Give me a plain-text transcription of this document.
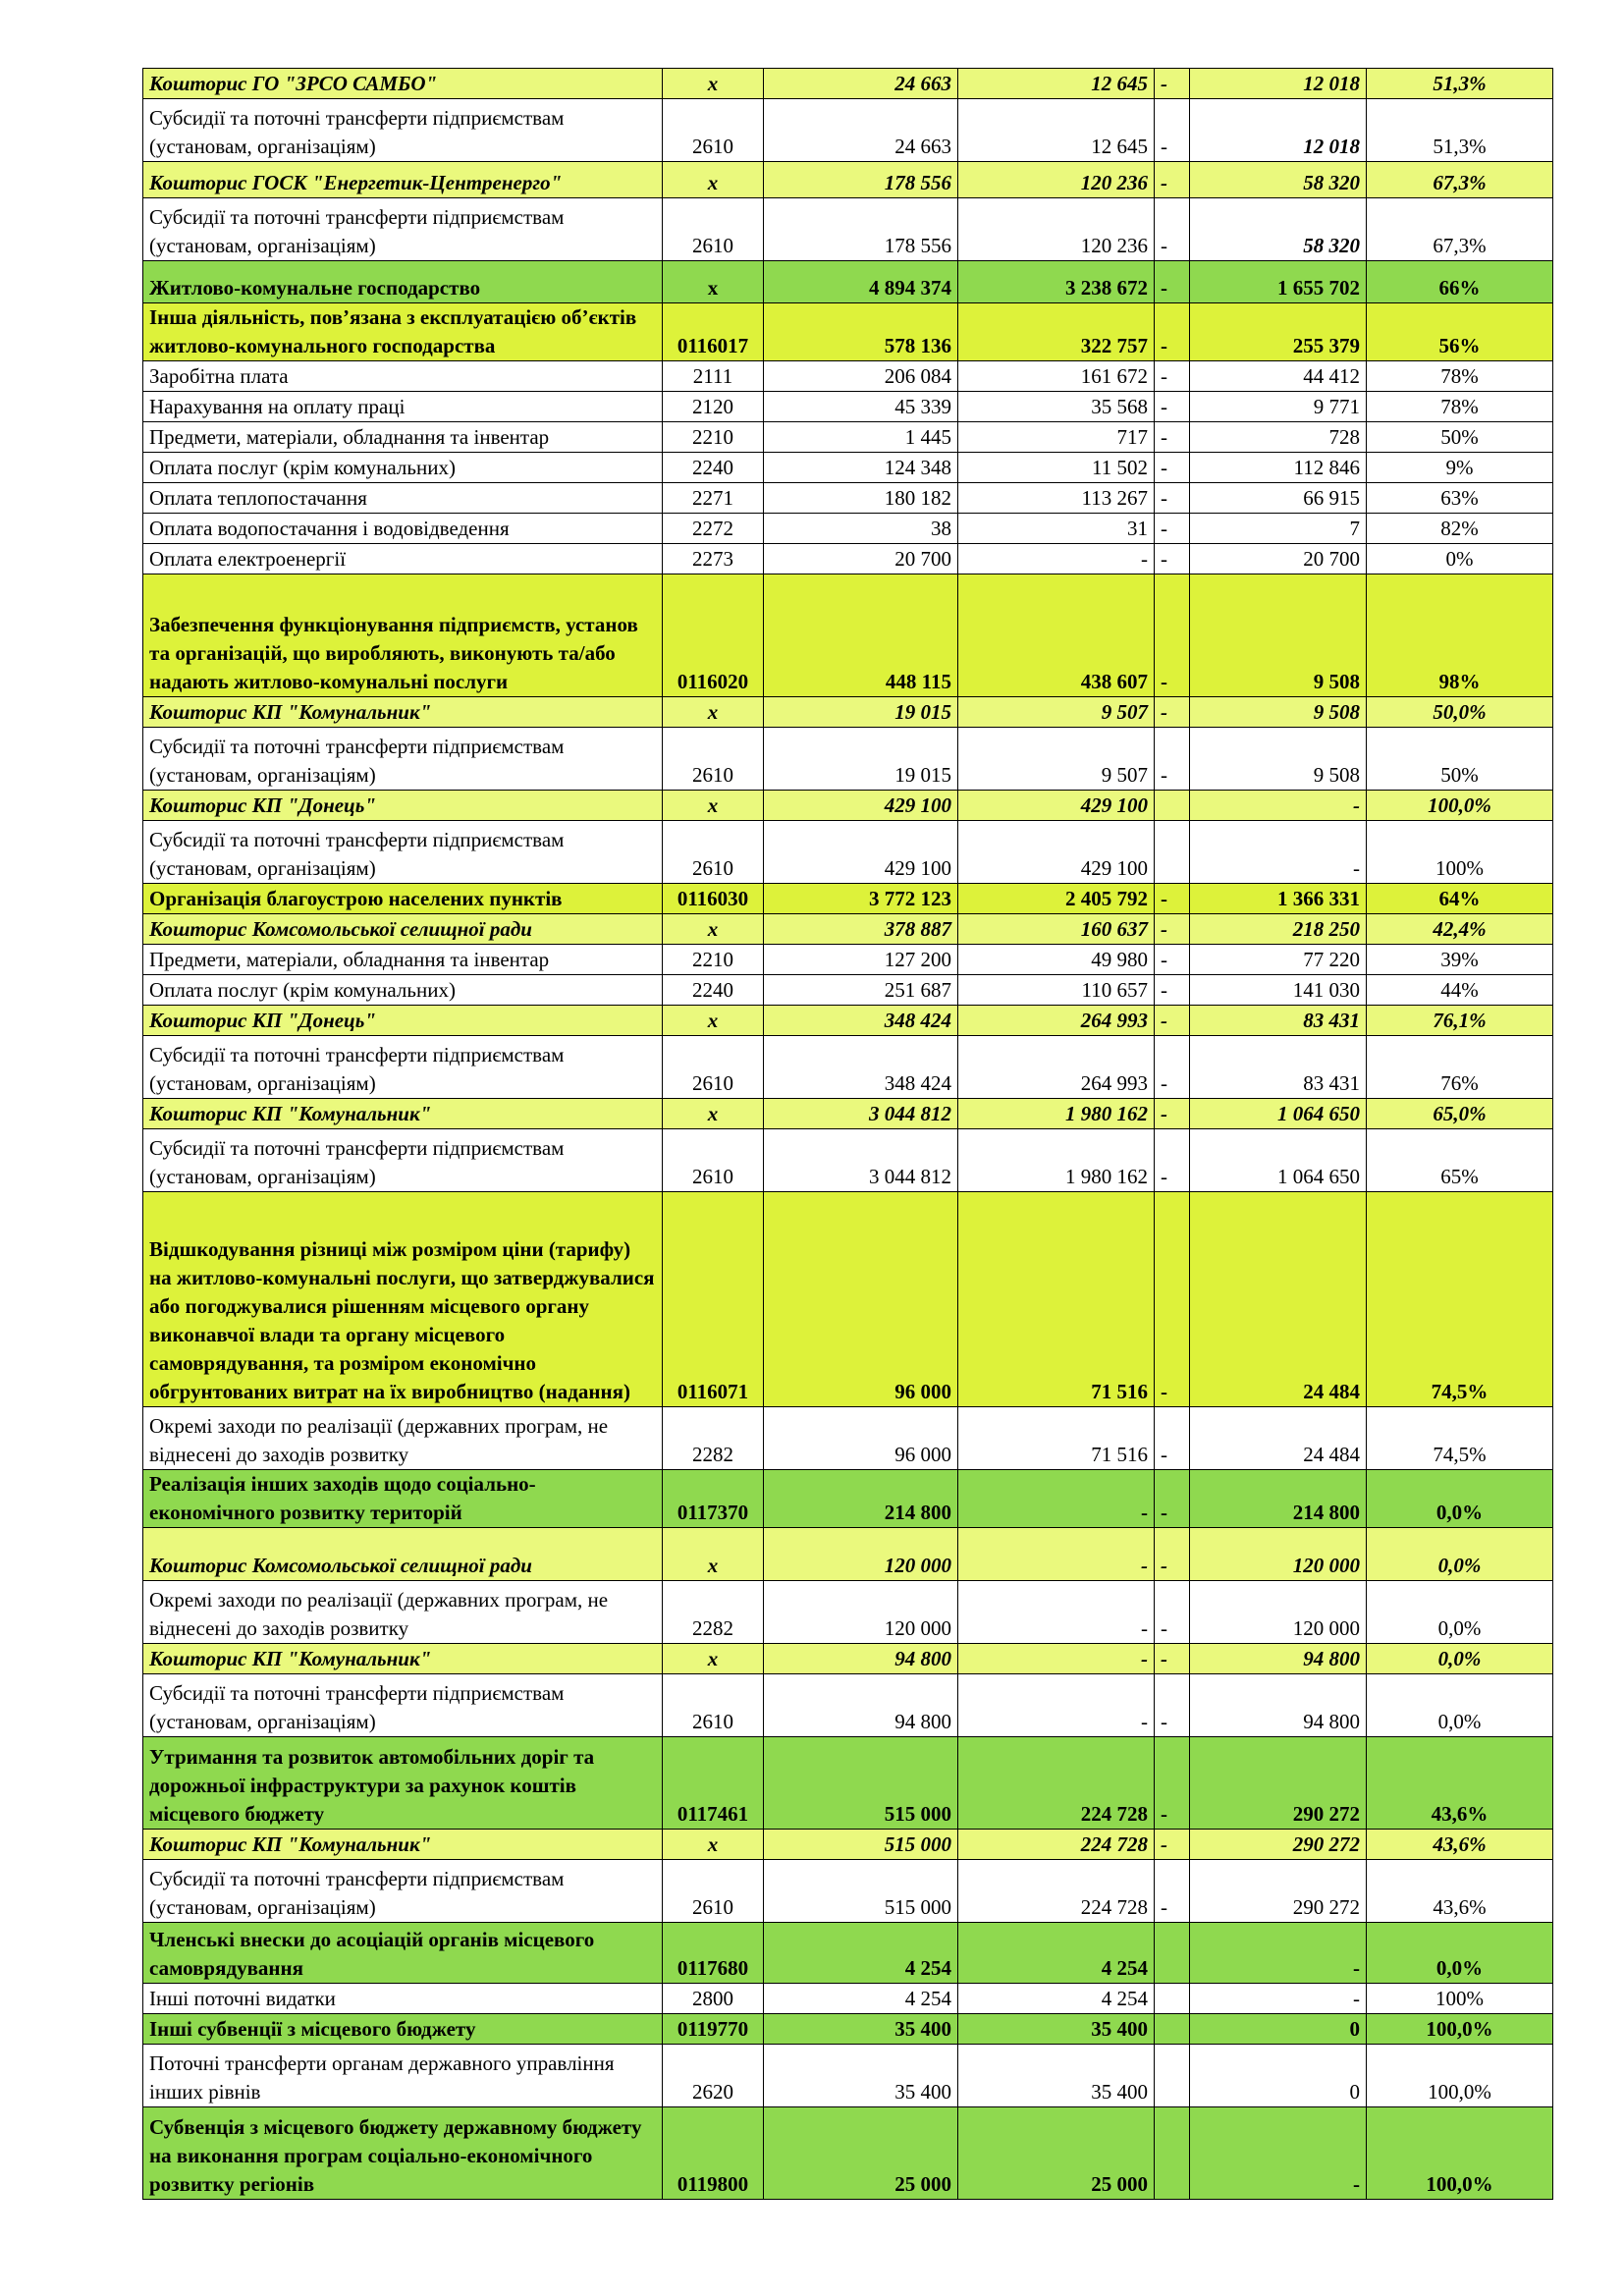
Кошторис ГО "ЗРСО САМБО"	х	24 663	12 645	-	12 018	51,3%
Субсидії та поточні трансферти підприємствам (установам, організаціям)	2610	24 663	12 645	-	12 018	51,3%
Кошторис ГОСК "Енергетик-Центренерго"	х	178 556	120 236	-	58 320	67,3%
Субсидії та поточні трансферти підприємствам (установам, організаціям)	2610	178 556	120 236	-	58 320	67,3%
Житлово-комунальне господарство	х	4 894 374	3 238 672	-	1 655 702	66%
Інша діяльність, пов’язана з експлуатацією об’єктів житлово-комунального господарства	0116017	578 136	322 757	-	255 379	56%
Заробітна плата	2111	206 084	161 672	-	44 412	78%
Нарахування на оплату праці	2120	45 339	35 568	-	9 771	78%
Предмети, матеріали, обладнання та інвентар	2210	1 445	717	-	728	50%
Оплата послуг (крім комунальних)	2240	124 348	11 502	-	112 846	9%
Оплата теплопостачання	2271	180 182	113 267	-	66 915	63%
Оплата водопостачання і водовідведення	2272	38	31	-	7	82%
Оплата електроенергії	2273	20 700	-	-	20 700	0%
Забезпечення функціонування підприємств, установ та організацій, що виробляють, виконують та/або надають житлово-комунальні послуги	0116020	448 115	438 607	-	9 508	98%
Кошторис КП "Комунальник"	х	19 015	9 507	-	9 508	50,0%
Субсидії та поточні трансферти підприємствам (установам, організаціям)	2610	19 015	9 507	-	9 508	50%
Кошторис КП "Донець"	х	429 100	429 100		-	100,0%
Субсидії та поточні трансферти підприємствам (установам, організаціям)	2610	429 100	429 100		-	100%
Організація благоустрою населених пунктів	0116030	3 772 123	2 405 792	-	1 366 331	64%
Кошторис Комсомольської селищної ради	х	378 887	160 637	-	218 250	42,4%
Предмети, матеріали, обладнання та інвентар	2210	127 200	49 980	-	77 220	39%
Оплата послуг (крім комунальних)	2240	251 687	110 657	-	141 030	44%
Кошторис КП "Донець"	х	348 424	264 993	-	83 431	76,1%
Субсидії та поточні трансферти підприємствам (установам, організаціям)	2610	348 424	264 993	-	83 431	76%
Кошторис КП "Комунальник"	х	3 044 812	1 980 162	-	1 064 650	65,0%
Субсидії та поточні трансферти підприємствам (установам, організаціям)	2610	3 044 812	1 980 162	-	1 064 650	65%
Відшкодування різниці між розміром ціни (тарифу) на житлово-комунальні послуги, що затверджувалися або погоджувалися рішенням місцевого органу виконавчої влади та органу місцевого самоврядування, та розміром економічно обгрунтованих витрат на їх виробництво (надання)	0116071	96 000	71 516	-	24 484	74,5%
Окремі заходи по реалізації (державних програм, не віднесені до заходів розвитку	2282	96 000	71 516	-	24 484	74,5%
Реалізація інших заходів щодо соціально-економічного розвитку територій	0117370	214 800	-	-	214 800	0,0%
Кошторис Комсомольської селищної ради	х	120 000	-	-	120 000	0,0%
Окремі заходи по реалізації (державних програм, не віднесені до заходів розвитку	2282	120 000	-	-	120 000	0,0%
Кошторис КП "Комунальник"	х	94 800	-	-	94 800	0,0%
Субсидії та поточні трансферти підприємствам (установам, організаціям)	2610	94 800	-	-	94 800	0,0%
Утримання та розвиток автомобільних доріг та дорожньої інфраструктури за рахунок коштів місцевого бюджету	0117461	515 000	224 728	-	290 272	43,6%
Кошторис КП "Комунальник"	х	515 000	224 728	-	290 272	43,6%
Субсидії та поточні трансферти підприємствам (установам, організаціям)	2610	515 000	224 728	-	290 272	43,6%
Членські внески до асоціацій органів місцевого самоврядування	0117680	4 254	4 254		-	0,0%
Інші поточні видатки	2800	4 254	4 254		-	100%
Інші субвенції з місцевого бюджету	0119770	35 400	35 400		0	100,0%
Поточні трансферти органам державного управління інших рівнів	2620	35 400	35 400		0	100,0%
Субвенція з місцевого бюджету державному бюджету на виконання програм соціально-економічного розвитку регіонів	0119800	25 000	25 000		-	100,0%
